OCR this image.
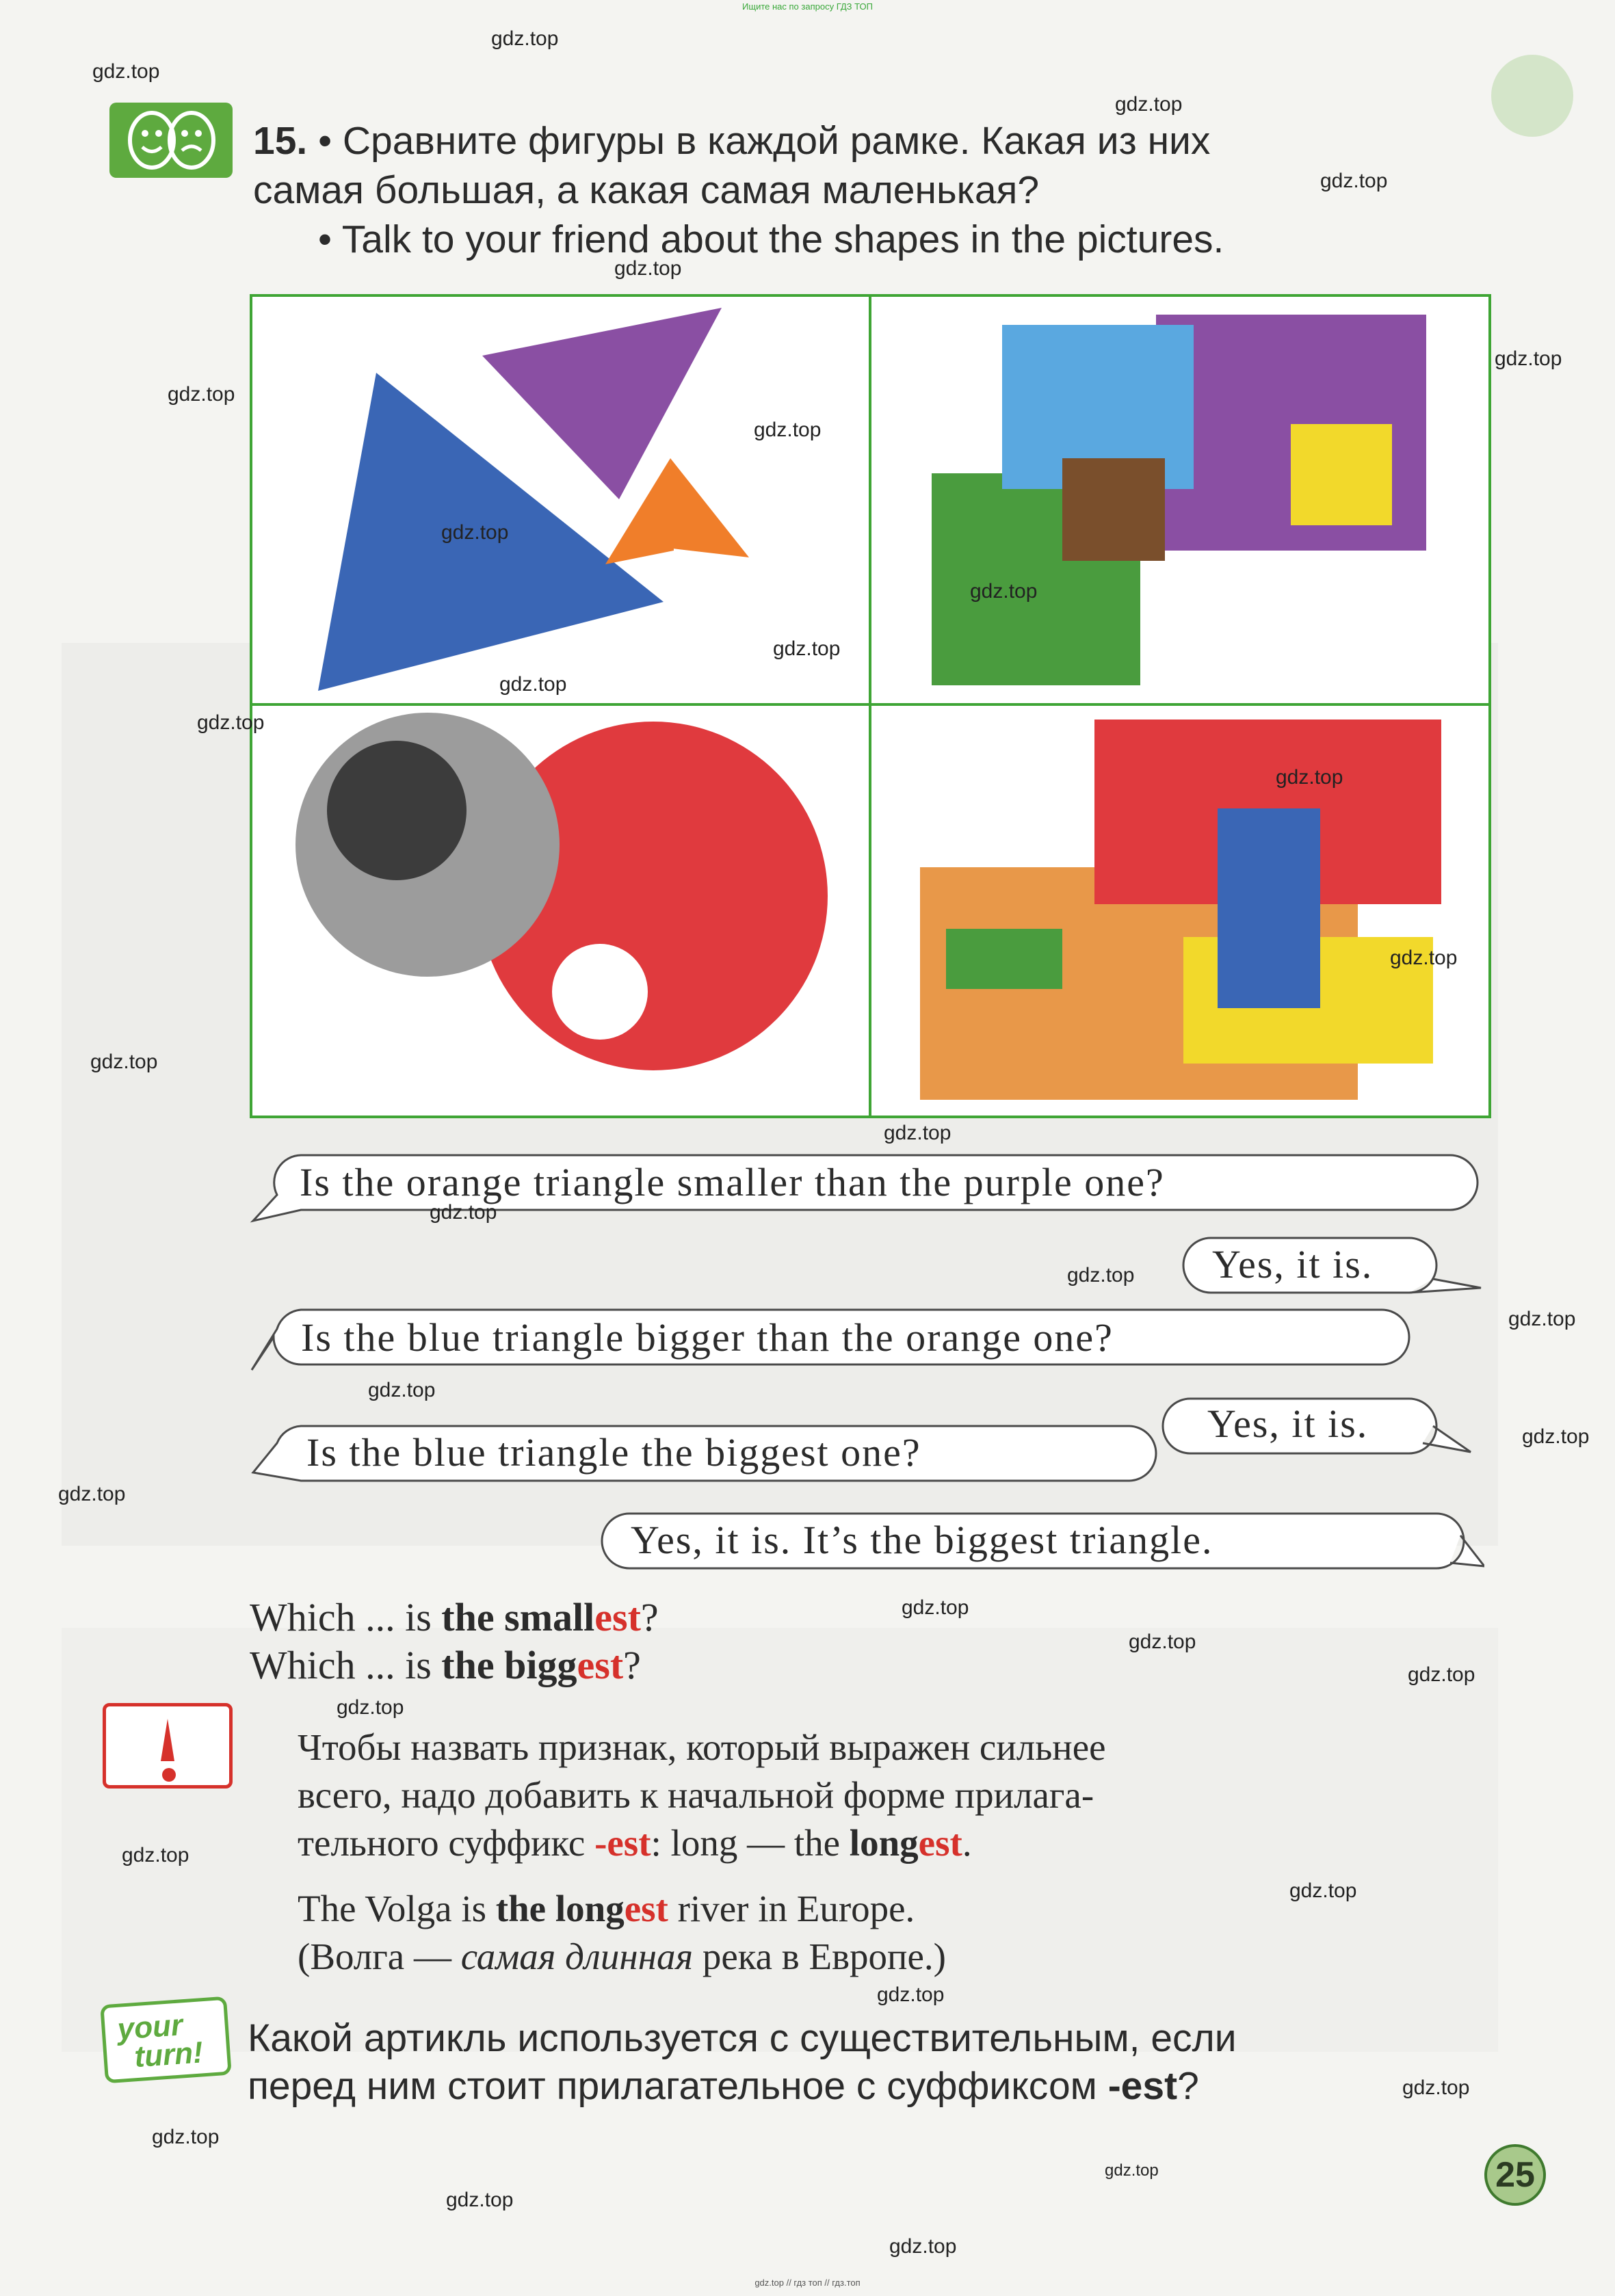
Ищите нас по запросу ГДЗ ТОП
gdz.top // гдз топ // гдз.топ
15. • Сравните фигуры в каждой рамке. Какая из них
самая большая, а какая самая маленькая?
• Talk to your friend about the shapes in the pictures.
Is the orange triangle smaller than the purple one?
Yes, it is.
Is the blue triangle bigger than the orange one?
Yes, it is.
Is the blue triangle the biggest one?
Yes, it is. It’s the biggest triangle.
Which ... is the smallest?
Which ... is the biggest?
Чтобы назвать признак, который выражен сильнее
всего, надо добавить к начальной форме прилага-
тельного суффикс -est: long — the longest.
The Volga is the longest river in Europe.
(Волга — самая длинная река в Европе.)
your
turn! Какой артикль используется с существительным, если
перед ним стоит прилагательное с суффиксом -est?
25
gdz.top
gdz.top
gdz.top
gdz.top
gdz.top
gdz.top
gdz.top
gdz.top
gdz.top
gdz.top
gdz.top
gdz.top
gdz.top
gdz.top
gdz.top
gdz.top
gdz.top
gdz.top
gdz.top
gdz.top
gdz.top
gdz.top
gdz.top
gdz.top
gdz.top
gdz.top
gdz.top
gdz.top
gdz.top
gdz.top
gdz.top
gdz.top
gdz.top
gdz.top
gdz.top
